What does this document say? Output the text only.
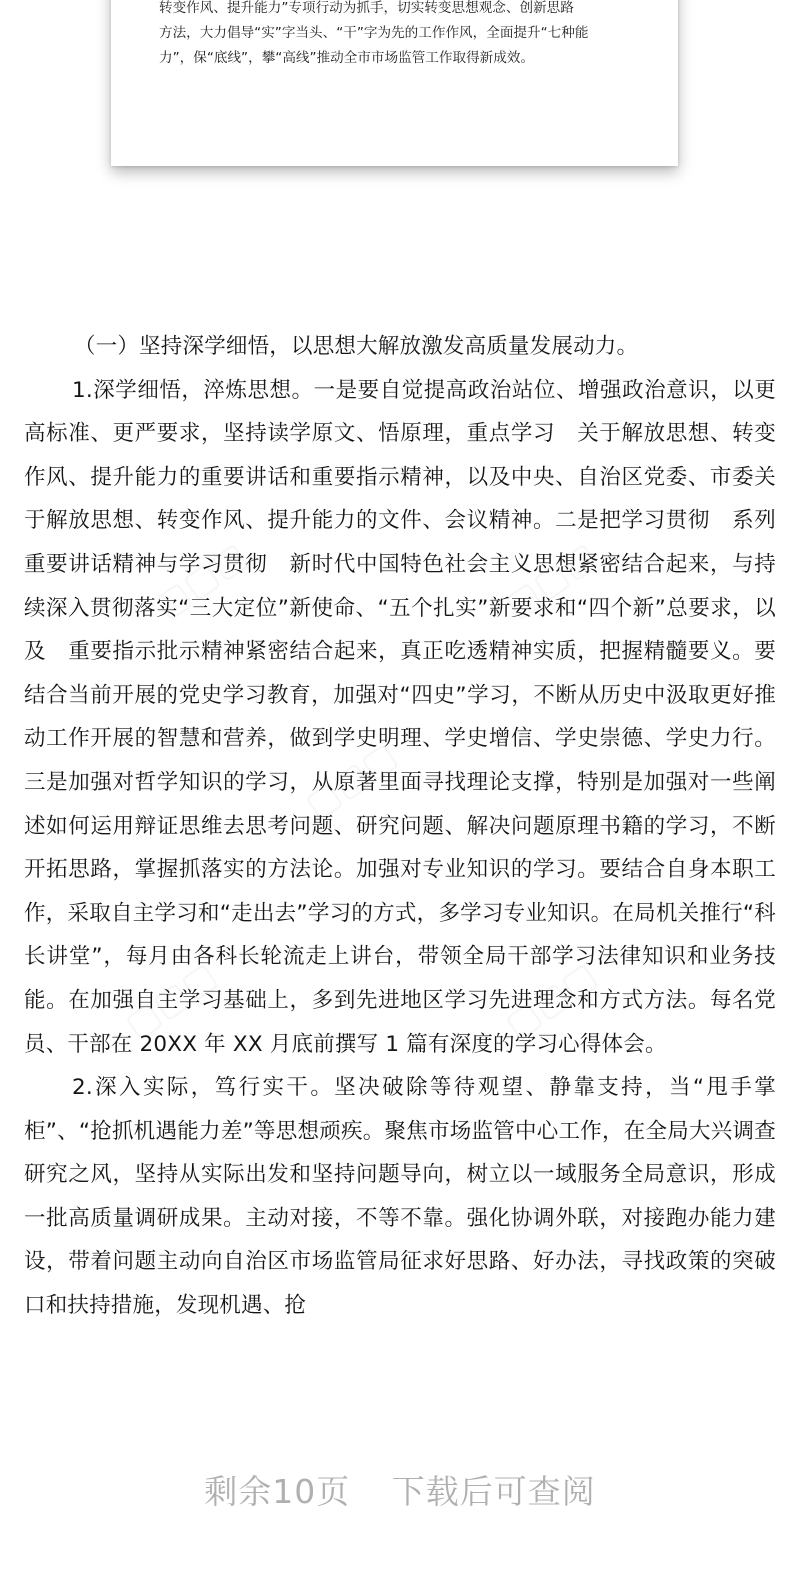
转变作风、提升能力”专项行动为抓手，切实转变思想观念、创新思路

方法，大力倡导“实”字当头、“干”字为先的工作作风，全面提升“七种能

力”，保“底线”，攀“高线”推动全市市场监管工作取得新成效。

▢▢▢	▢▢▢
▢▢▢
▢▢▢	▢▢▢

（一）坚持深学细悟，以思想大解放激发高质量发展动力。

1.深学细悟，淬炼思想。一是要自觉提高政治站位、增强政治意识，以更高标准、更严要求，坚持读学原文、悟原理，重点学习　关于解放思想、转变作风、提升能力的重要讲话和重要指示精神，以及中央、自治区党委、市委关于解放思想、转变作风、提升能力的文件、会议精神。二是把学习贯彻　系列重要讲话精神与学习贯彻　新时代中国特色社会主义思想紧密结合起来，与持续深入贯彻落实“三大定位”新使命、“五个扎实”新要求和“四个新”总要求，以及　重要指示批示精神紧密结合起来，真正吃透精神实质，把握精髓要义。要结合当前开展的党史学习教育，加强对“四史”学习，不断从历史中汲取更好推动工作开展的智慧和营养，做到学史明理、学史增信、学史崇德、学史力行。三是加强对哲学知识的学习，从原著里面寻找理论支撑，特别是加强对一些阐述如何运用辩证思维去思考问题、研究问题、解决问题原理书籍的学习，不断开拓思路，掌握抓落实的方法论。加强对专业知识的学习。要结合自身本职工作，采取自主学习和“走出去”学习的方式，多学习专业知识。在局机关推行“科长讲堂”，每月由各科长轮流走上讲台，带领全局干部学习法律知识和业务技能。在加强自主学习基础上，多到先进地区学习先进理念和方式方法。每名党员、干部在 20XX 年 XX 月底前撰写 1 篇有深度的学习心得体会。

2.深入实际，笃行实干。坚决破除等待观望、静靠支持，当“甩手掌柜”、“抢抓机遇能力差”等思想顽疾。聚焦市场监管中心工作，在全局大兴调查研究之风，坚持从实际出发和坚持问题导向，树立以一域服务全局意识，形成一批高质量调研成果。主动对接，不等不靠。强化协调外联，对接跑办能力建设，带着问题主动向自治区市场监管局征求好思路、好办法，寻找政策的突破口和扶持措施，发现机遇、抢

剩余10页 下载后可查阅
